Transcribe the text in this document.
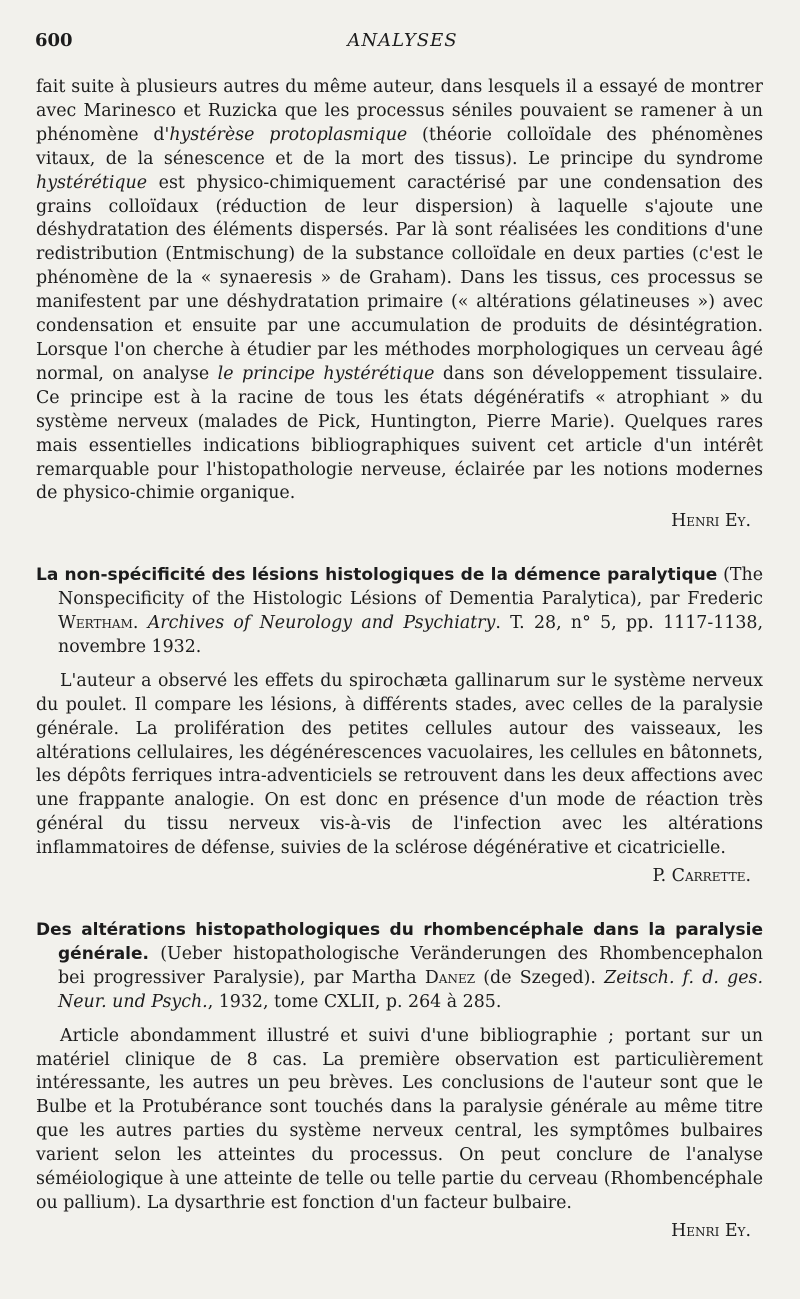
600	ANALYSES

fait suite à plusieurs autres du même auteur, dans lesquels il a essayé de montrer avec Marinesco et Ruzicka que les processus séniles pouvaient se ramener à un phénomène d'hystérèse protoplasmique (théorie colloïdale des phénomènes vitaux, de la sénescence et de la mort des tissus). Le principe du syndrome hystérétique est physico-chimiquement caractérisé par une condensation des grains colloïdaux (réduction de leur dispersion) à laquelle s'ajoute une déshydratation des éléments dispersés. Par là sont réalisées les conditions d'une redistribution (Entmischung) de la substance colloïdale en deux parties (c'est le phénomène de la « synaeresis » de Graham). Dans les tissus, ces processus se manifestent par une déshydratation primaire (« altérations gélatineuses ») avec condensation et ensuite par une accumulation de produits de désintégration. Lorsque l'on cherche à étudier par les méthodes morphologiques un cerveau âgé normal, on analyse le principe hystérétique dans son développement tissulaire. Ce principe est à la racine de tous les états dégénératifs « atrophiant » du système nerveux (malades de Pick, Huntington, Pierre Marie). Quelques rares mais essentielles indications bibliographiques suivent cet article d'un intérêt remarquable pour l'histopathologie nerveuse, éclairée par les notions modernes de physico-chimie organique.

Henri Ey.

La non-spécificité des lésions histologiques de la démence paralytique (The Nonspecificity of the Histologic Lésions of Dementia Paralytica), par Frederic Wertham. Archives of Neurology and Psychiatry. T. 28, n° 5, pp. 1117-1138, novembre 1932.

L'auteur a observé les effets du spirochæta gallinarum sur le système nerveux du poulet. Il compare les lésions, à différents stades, avec celles de la paralysie générale. La prolifération des petites cellules autour des vaisseaux, les altérations cellulaires, les dégénérescences vacuolaires, les cellules en bâtonnets, les dépôts ferriques intra-adventiciels se retrouvent dans les deux affections avec une frappante analogie. On est donc en présence d'un mode de réaction très général du tissu nerveux vis-à-vis de l'infection avec les altérations inflammatoires de défense, suivies de la sclérose dégénérative et cicatricielle.

P. Carrette.

Des altérations histopathologiques du rhombencéphale dans la paralysie générale. (Ueber histopathologische Veränderungen des Rhombencephalon bei progressiver Paralysie), par Martha Danez (de Szeged). Zeitsch. f. d. ges. Neur. und Psych., 1932, tome CXLII, p. 264 à 285.

Article abondamment illustré et suivi d'une bibliographie ; portant sur un matériel clinique de 8 cas. La première observation est particulièrement intéressante, les autres un peu brèves. Les conclusions de l'auteur sont que le Bulbe et la Protubérance sont touchés dans la paralysie générale au même titre que les autres parties du système nerveux central, les symptômes bulbaires varient selon les atteintes du processus. On peut conclure de l'analyse séméiologique à une atteinte de telle ou telle partie du cerveau (Rhombencéphale ou pallium). La dysarthrie est fonction d'un facteur bulbaire.

Henri Ey.
